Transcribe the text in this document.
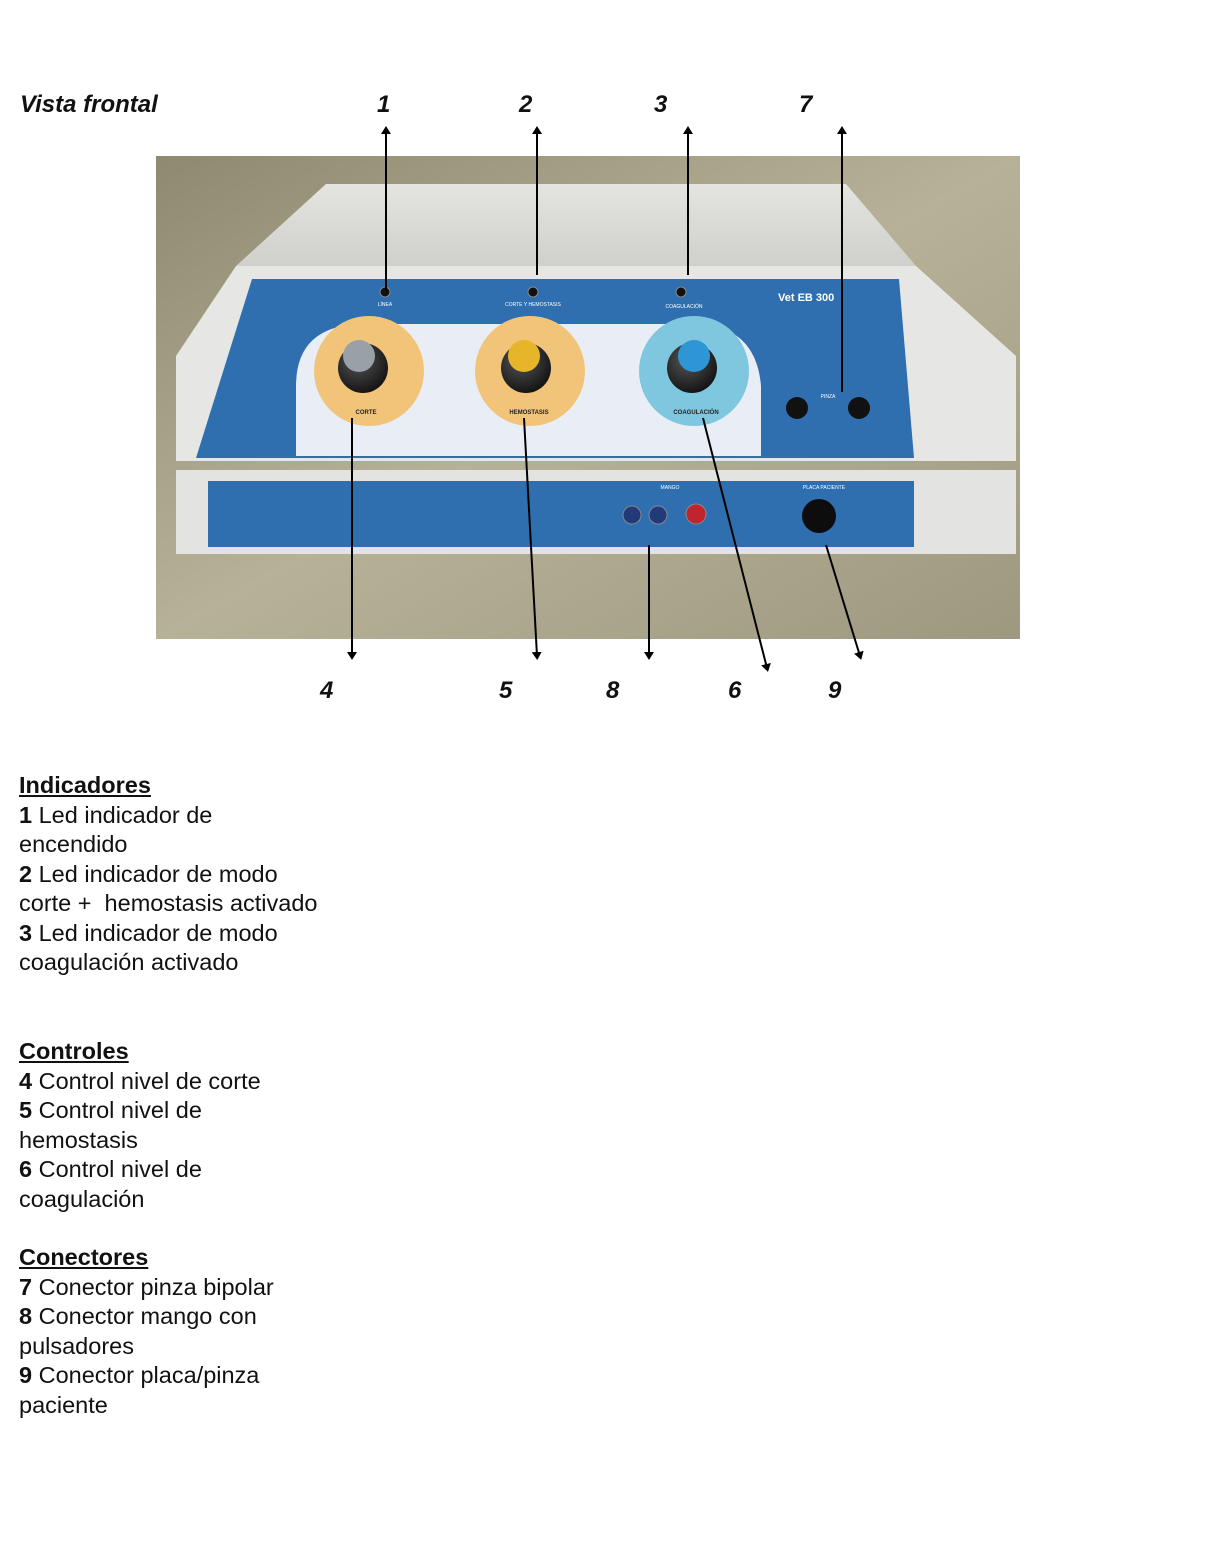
Vista frontal	1	2	3	7
4	5	8	6	9
Vet EB 300
LÍNEA	CORTE Y HEMOSTASIS	COAGULACIÓN
CORTE	HEMOSTASIS	COAGULACIÓN
PINZA
MANGO	PLACA PACIENTE
Indicadores
1 Led indicador de encendido
2 Led indicador de modo corte +  hemostasis activado
3 Led indicador de modo coagulación activado
Controles
4 Control nivel de corte
5 Control nivel de hemostasis
6 Control nivel de coagulación
Conectores
7 Conector pinza bipolar
8 Conector mango con pulsadores
9 Conector placa/pinza paciente
